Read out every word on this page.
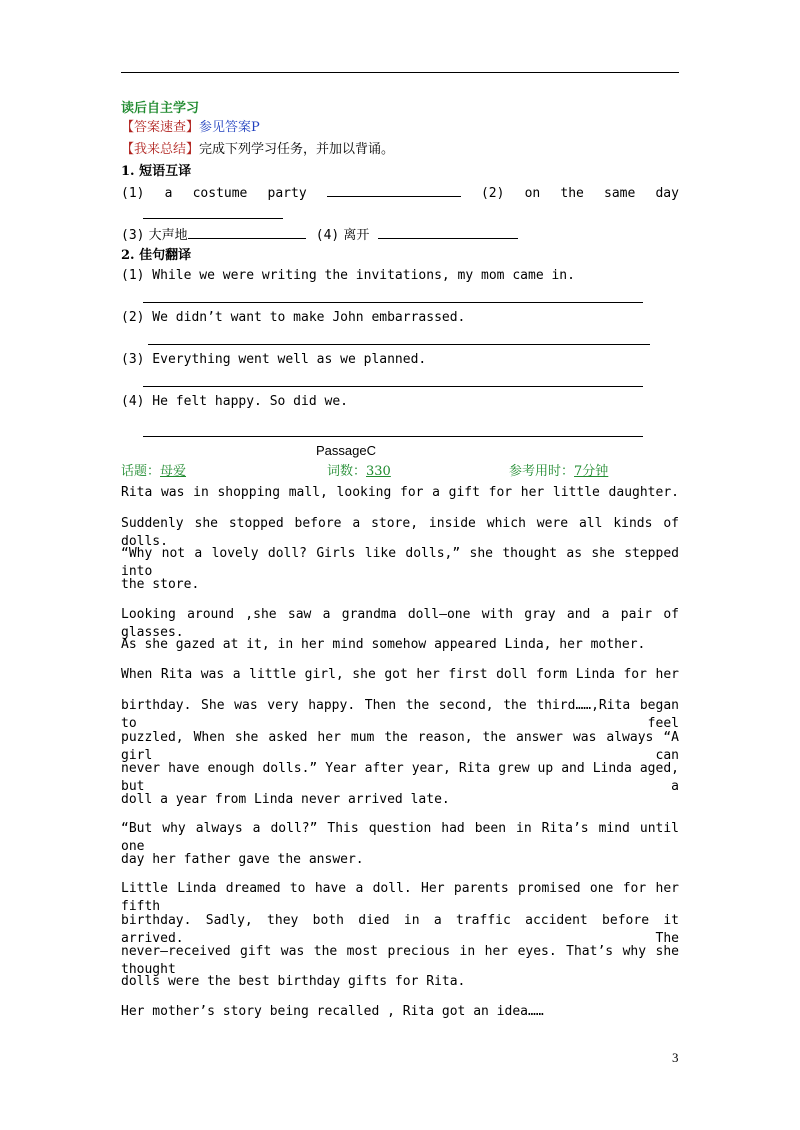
读后自主学习
【答案速查】参见答案P
【我来总结】完成下列学习任务，并加以背诵。
1. 短语互译
(1) a costume party	(2) on the same day
(3) 大声地	(4) 离开
2. 佳句翻译
(1) While we were writing the invitations, my mom came in.
(2) We didn’t want to make John embarrassed.
(3) Everything went well as we planned.
(4) He felt happy. So did we.
PassageC
话题：母爱	词数：330	参考用时：7分钟
Rita was in shopping mall, looking for a gift for her little daughter.
Suddenly she stopped before a store, inside which were all kinds of dolls.
“Why not a lovely doll? Girls like dolls,” she thought as she stepped into
the store.
Looking around ,she saw a grandma doll—one with gray and a pair of glasses.
As she gazed at it, in her mind somehow appeared Linda, her mother.
When Rita was a little girl, she got her first doll form Linda for her
birthday. She was very happy. Then the second, the third……,Rita began to feel
puzzled, When she asked her mum the reason, the answer was always “A girl can
never have enough dolls.” Year after year, Rita grew up and Linda aged, but a
doll a year from Linda never arrived late.
“But why always a doll?” This question had been in Rita’s mind until one
day her father gave the answer.
Little Linda dreamed to have a doll. Her parents promised one for her fifth
birthday. Sadly, they both died in a traffic accident before it arrived. The
never—received gift was the most precious in her eyes. That’s why she thought
dolls were the best birthday gifts for Rita.
Her mother’s story being recalled , Rita got an idea……
3
